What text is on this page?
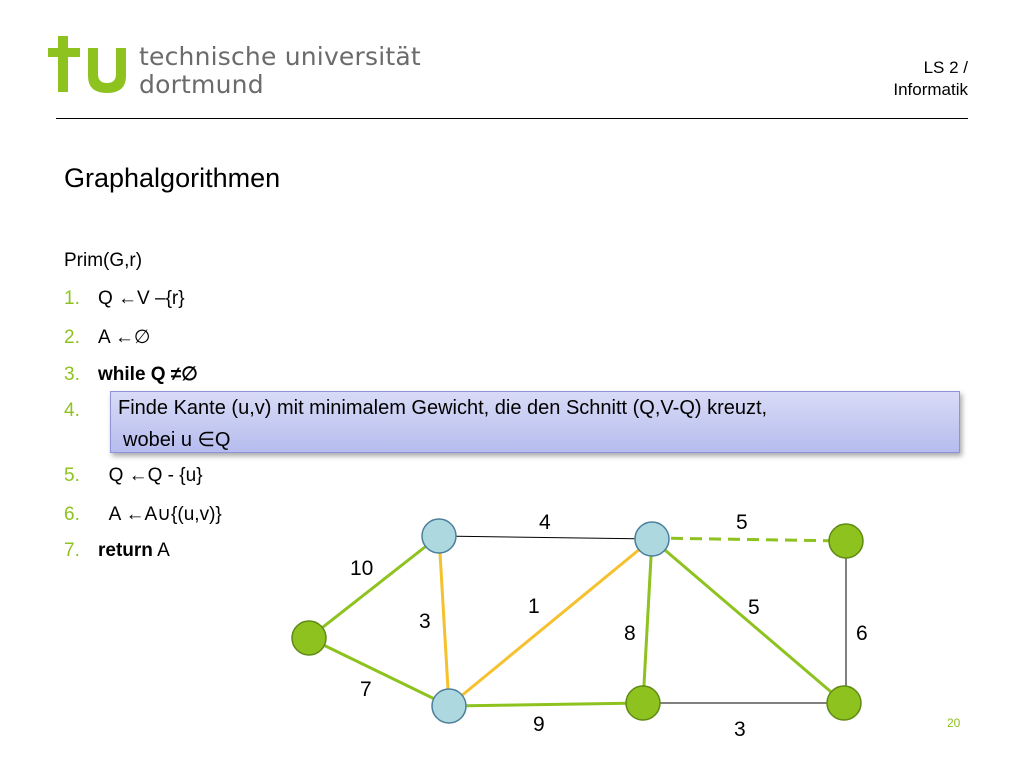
technische universität
dortmund
LS 2 /
Informatik
Graphalgorithmen
Prim(G,r)
1. Q ←V –{r}
2. A ←∅
3. while Q ≠∅
4.	Finde Kante (u,v) mit minimalem Gewicht, die den Schnitt (Q,V-Q) kreuzt,
wobei u ∈Q
5. Q ←Q - {u}
6. A ←A∪{(u,v)}
7. return A
4	5
10
3
1
8
5
6
7
9	3	20
